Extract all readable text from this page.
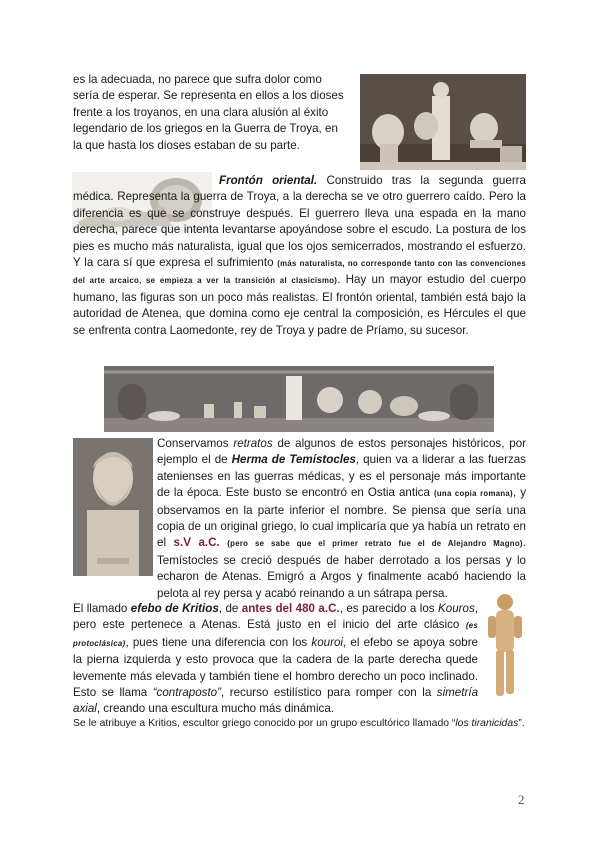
es la adecuada, no parece que sufra dolor como
sería de esperar. Se representa en ellos a los dioses
frente a los troyanos, en una clara alusión al éxito
legendario de los griegos en la Guerra de Troya, en
la que hasta los dioses estaban de su parte.

Frontón oriental. Construido tras la segunda guerra médica. Representa la guerra de Troya, a la derecha se ve otro guerrero caído. Pero la diferencia es que se construye después. El guerrero lleva una espada en la mano derecha, parece que intenta levantarse apoyándose sobre el escudo. La postura de los pies es mucho más naturalista, igual que los ojos semicerrados, mostrando el esfuerzo. Y la cara sí que expresa el sufrimiento (más naturalista, no corresponde tanto con las convenciones del arte arcaico, se empieza a ver la transición al clasicismo). Hay un mayor estudio del cuerpo humano, las figuras son un poco más realistas. El frontón oriental, también está bajo la autoridad de Atenea, que domina como eje central la composición, es Hércules el que se enfrenta contra Laomedonte, rey de Troya y padre de Príamo, su sucesor.

Conservamos retratos de algunos de estos personajes históricos, por ejemplo el de Herma de Temístocles, quien va a liderar a las fuerzas atenienses en las guerras médicas, y es el personaje más importante de la época. Este busto se encontró en Ostia antica (una copia romana), y observamos en la parte inferior el nombre. Se piensa que sería una copia de un original griego, lo cual implicaría que ya había un retrato en el s.V a.C. (pero se sabe que el primer retrato fue el de Alejandro Magno). Temístocles se creció después de haber derrotado a los persas y lo echaron de Atenas. Emigró a Argos y finalmente acabó haciendo la pelota al rey persa y acabó reinando a un sátrapa persa.

El llamado efebo de Kritios, de antes del 480 a.C., es parecido a los Kouros, pero este pertenece a Atenas. Está justo en el inicio del arte clásico (es protoclásica), pues tiene una diferencia con los kouroi, el efebo se apoya sobre la pierna izquierda y esto provoca que la cadera de la parte derecha quede levemente más elevada y también tiene el hombro derecho un poco inclinado. Esto se llama “contraposto”, recurso estilístico para romper con la simetría axial, creando una escultura mucho más dinámica.

Se le atribuye a Kritios, escultor griego conocido por un grupo escultórico llamado “los tiranicidas”.

2
